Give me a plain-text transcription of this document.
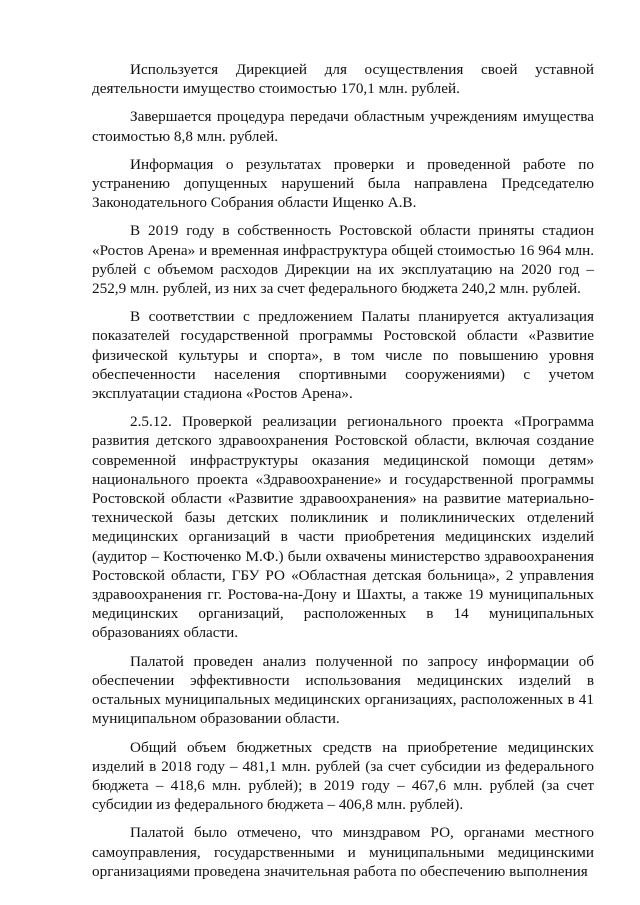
Используется Дирекцией для осуществления своей уставной деятельности имущество стоимостью 170,1 млн. рублей.

Завершается процедура передачи областным учреждениям имущества стоимостью 8,8 млн. рублей.

Информация о результатах проверки и проведенной работе по устранению допущенных нарушений была направлена Председателю Законодательного Собрания области Ищенко А.В.

В 2019 году в собственность Ростовской области приняты стадион «Ростов Арена» и временная инфраструктура общей стоимостью 16 964 млн. рублей с объемом расходов Дирекции на их эксплуатацию на 2020 год – 252,9 млн. рублей, из них за счет федерального бюджета 240,2 млн. рублей.

В соответствии с предложением Палаты планируется актуализация показателей государственной программы Ростовской области «Развитие физической культуры и спорта», в том числе по повышению уровня обеспеченности населения спортивными сооружениями) с учетом эксплуатации стадиона «Ростов Арена».

2.5.12. Проверкой реализации регионального проекта «Программа развития детского здравоохранения Ростовской области, включая создание современной инфраструктуры оказания медицинской помощи детям» национального проекта «Здравоохранение» и государственной программы Ростовской области «Развитие здравоохранения» на развитие материально-технической базы детских поликлиник и поликлинических отделений медицинских организаций в части приобретения медицинских изделий (аудитор – Костюченко М.Ф.) были охвачены министерство здравоохранения Ростовской области, ГБУ РО «Областная детская больница», 2 управления здравоохранения гг. Ростова-на-Дону и Шахты, а также 19 муниципальных медицинских организаций, расположенных в 14 муниципальных образованиях области.

Палатой проведен анализ полученной по запросу информации об обеспечении эффективности использования медицинских изделий в остальных муниципальных медицинских организациях, расположенных в 41 муниципальном образовании области.

Общий объем бюджетных средств на приобретение медицинских изделий в 2018 году – 481,1 млн. рублей (за счет субсидии из федерального бюджета – 418,6 млн. рублей); в 2019 году – 467,6 млн. рублей (за счет субсидии из федерального бюджета – 406,8 млн. рублей).

Палатой было отмечено, что минздравом РО, органами местного самоуправления, государственными и муниципальными медицинскими организациями проведена значительная работа по обеспечению выполнения
